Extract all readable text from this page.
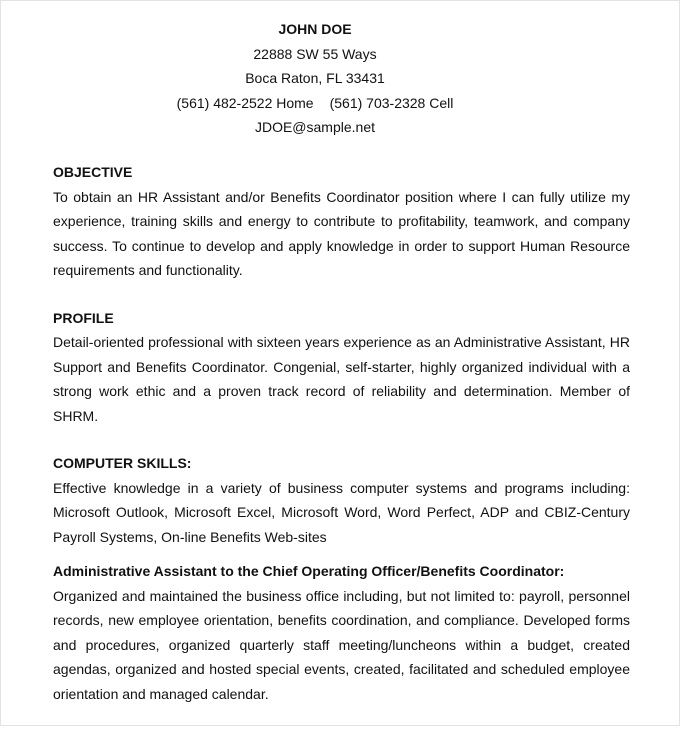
JOHN DOE
22888 SW 55 Ways
Boca Raton, FL 33431
(561) 482-2522 Home (561) 703-2328 Cell
JDOE@sample.net
OBJECTIVE

To obtain an HR Assistant and/or Benefits Coordinator position where I can fully utilize my experience, training skills and energy to contribute to profitability, teamwork, and company success. To continue to develop and apply knowledge in order to support Human Resource requirements and functionality.

PROFILE

Detail-oriented professional with sixteen years experience as an Administrative Assistant, HR Support and Benefits Coordinator. Congenial, self-starter, highly organized individual with a strong work ethic and a proven track record of reliability and determination. Member of SHRM.

COMPUTER SKILLS:

Effective knowledge in a variety of business computer systems and programs including: Microsoft Outlook, Microsoft Excel, Microsoft Word, Word Perfect, ADP and CBIZ-Century Payroll Systems, On-line Benefits Web-sites

Administrative Assistant to the Chief Operating Officer/Benefits Coordinator:

Organized and maintained the business office including, but not limited to: payroll, personnel records, new employee orientation, benefits coordination, and compliance. Developed forms and procedures, organized quarterly staff meeting/luncheons within a budget, created agendas, organized and hosted special events, created, facilitated and scheduled employee orientation and managed calendar.
